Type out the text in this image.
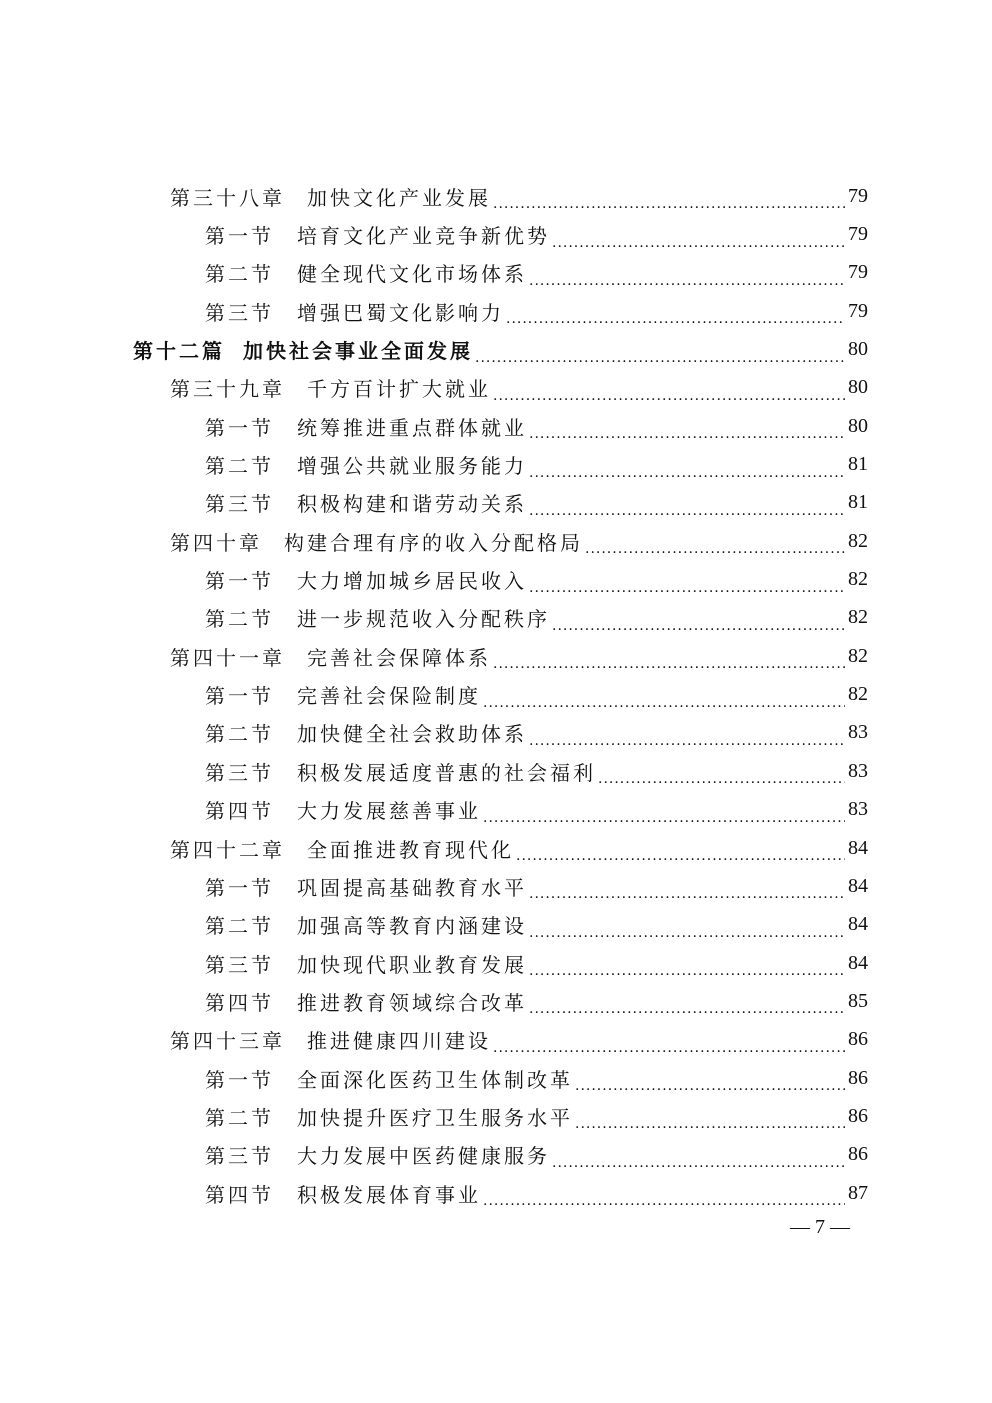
第三十八章 加快文化产业发展 .....	79
第一节 培育文化产业竞争新优势 .....	79
第二节 健全现代文化市场体系 .....	79
第三节 增强巴蜀文化影响力 .....	79
第十二篇 加快社会事业全面发展 .....	80
第三十九章 千方百计扩大就业 .....	80
第一节 统筹推进重点群体就业 .....	80
第二节 增强公共就业服务能力 .....	81
第三节 积极构建和谐劳动关系 .....	81
第四十章 构建合理有序的收入分配格局 .....	82
第一节 大力增加城乡居民收入 .....	82
第二节 进一步规范收入分配秩序 .....	82
第四十一章 完善社会保障体系 .....	82
第一节 完善社会保险制度 .....	82
第二节 加快健全社会救助体系 .....	83
第三节 积极发展适度普惠的社会福利 .....	83
第四节 大力发展慈善事业 .....	83
第四十二章 全面推进教育现代化 .....	84
第一节 巩固提高基础教育水平 .....	84
第二节 加强高等教育内涵建设 .....	84
第三节 加快现代职业教育发展 .....	84
第四节 推进教育领域综合改革 .....	85
第四十三章 推进健康四川建设 .....	86
第一节 全面深化医药卫生体制改革 .....	86
第二节 加快提升医疗卫生服务水平 .....	86
第三节 大力发展中医药健康服务 .....	86
第四节 积极发展体育事业 .....	87
— 7 —
